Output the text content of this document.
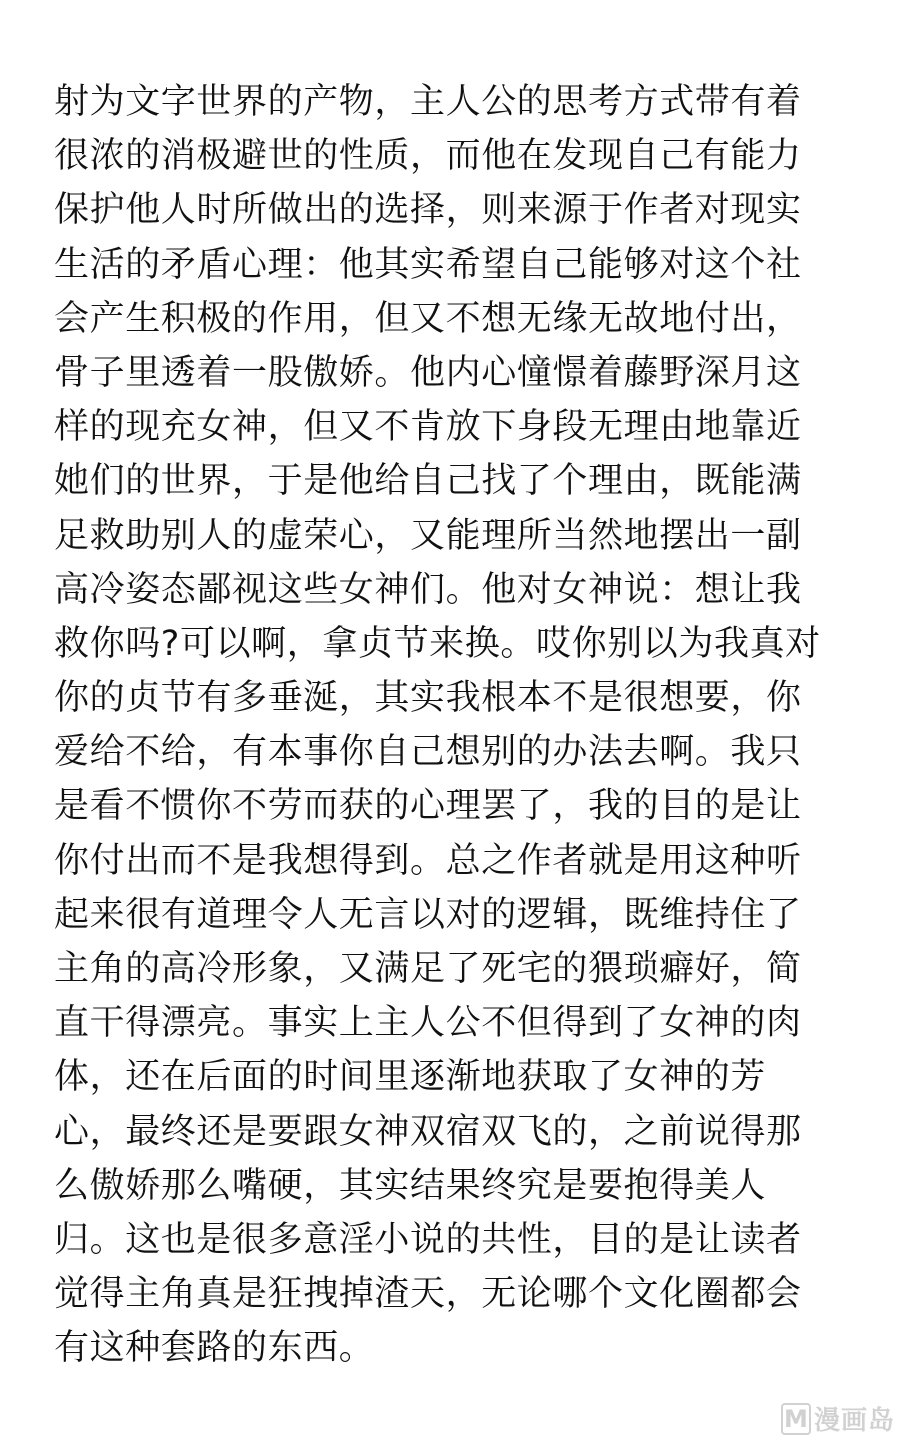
射为文字世界的产物，主人公的思考方式带有着
很浓的消极避世的性质，而他在发现自己有能力
保护他人时所做出的选择，则来源于作者对现实
生活的矛盾心理：他其实希望自己能够对这个社
会产生积极的作用，但又不想无缘无故地付出，
骨子里透着一股傲娇。他内心憧憬着藤野深月这
样的现充女神，但又不肯放下身段无理由地靠近
她们的世界，于是他给自己找了个理由，既能满
足救助别人的虚荣心，又能理所当然地摆出一副
高冷姿态鄙视这些女神们。他对女神说：想让我
救你吗?可以啊，拿贞节来换。哎你别以为我真对
你的贞节有多垂涎，其实我根本不是很想要，你
爱给不给，有本事你自己想别的办法去啊。我只
是看不惯你不劳而获的心理罢了，我的目的是让
你付出而不是我想得到。总之作者就是用这种听
起来很有道理令人无言以对的逻辑，既维持住了
主角的高冷形象，又满足了死宅的猥琐癖好，简
直干得漂亮。事实上主人公不但得到了女神的肉
体，还在后面的时间里逐渐地获取了女神的芳
心，最终还是要跟女神双宿双飞的，之前说得那
么傲娇那么嘴硬，其实结果终究是要抱得美人
归。这也是很多意淫小说的共性，目的是让读者
觉得主角真是狂拽掉渣天，无论哪个文化圈都会
有这种套路的东西。
M 漫画岛
